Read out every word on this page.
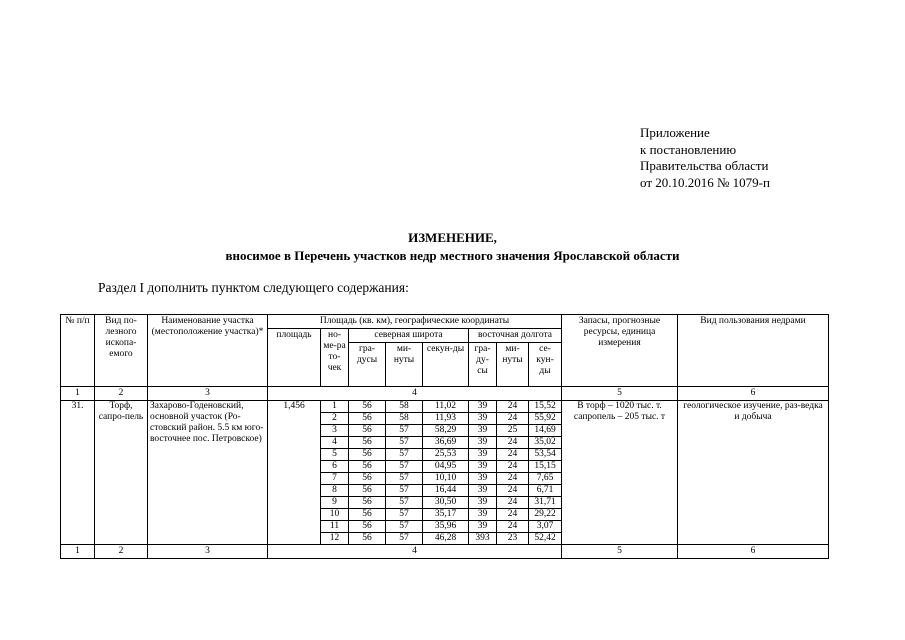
Приложение
к постановлению
Правительства области
от 20.10.2016 № 1079-п
ИЗМЕНЕНИЕ,
вносимое в Перечень участков недр местного значения Ярославской области
Раздел I дополнить пунктом следующего содержания:
№ п/п	Вид по-лезного ископа-емого	Наименование участка (местоположение участка)*	Площадь (кв. км), географические координаты								Запасы, прогнозные ресурсы, единица измерения	Вид пользования недрами
			площадь	но-ме-ра то-чек	северная широта			восточная долгота				
					гра-дусы	ми-нуты	секун-ды	гра-ду-сы	ми-нуты	се-кун-ды		
1	2	3	4								5	6
31.	Торф, сапро-пель	Захарово-Годеновский, основной участок (Ро-стовский район. 5.5 км юго-восточнее пос. Петровское)	1,456	1	56	58	11,02	39	24	15,52	В торф – 1020 тыс. т. сапропель – 205 тыс. т	геологическое изучение, раз-ведка и добыча
				2	56	58	11,93	39	24	55,92		
				3	56	57	58,29	39	25	14,69		
				4	56	57	36,69	39	24	35,02		
				5	56	57	25,53	39	24	53,54		
				6	56	57	04,95	39	24	15,15		
				7	56	57	10,10	39	24	7,65		
				8	56	57	16,44	39	24	6,71		
				9	56	57	30,50	39	24	31,71		
				10	56	57	35,17	39	24	29,22		
				11	56	57	35,96	39	24	3,07		
				12	56	57	46,28	393	23	52,42		
1	2	3	4								5	6
